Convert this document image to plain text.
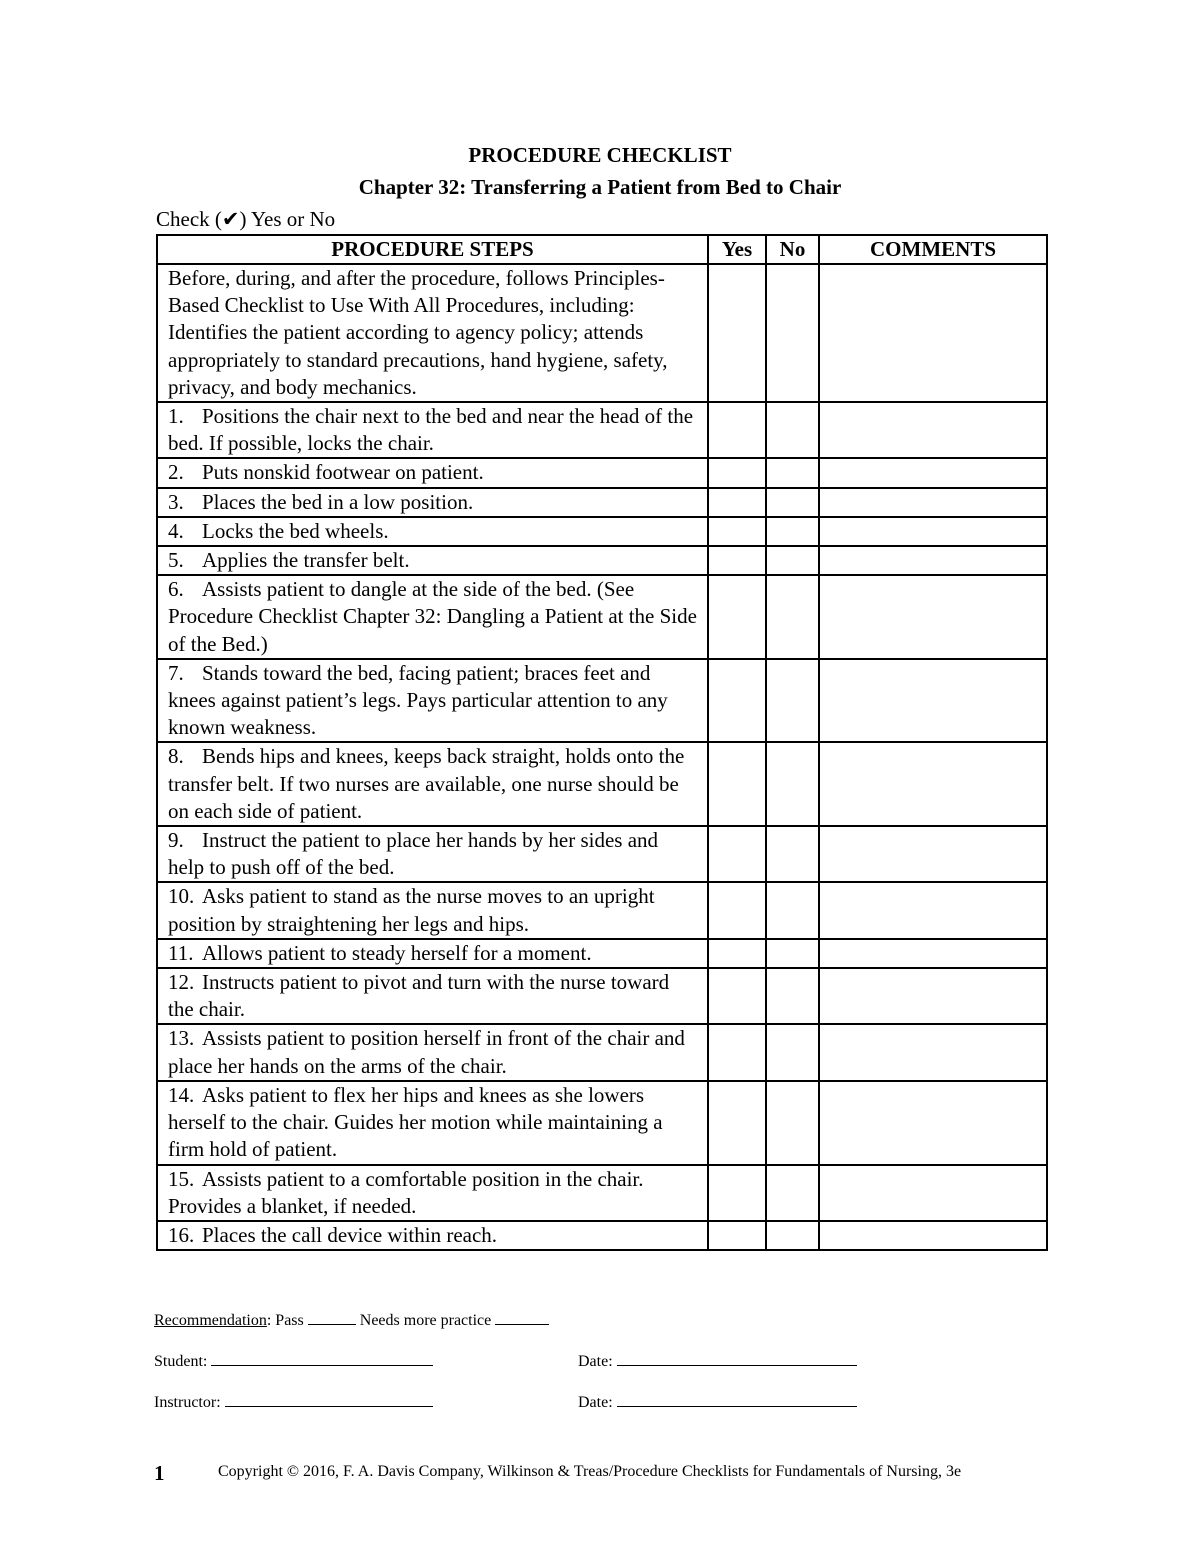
PROCEDURE CHECKLIST
Chapter 32: Transferring a Patient from Bed to Chair
Check (✔) Yes or No
PROCEDURE STEPS	Yes	No	COMMENTS
Before, during, and after the procedure, follows Principles-Based Checklist to Use With All Procedures, including: Identifies the patient according to agency policy; attends appropriately to standard precautions, hand hygiene, safety, privacy, and body mechanics.			
1. Positions the chair next to the bed and near the head of the bed. If possible, locks the chair.			
2. Puts nonskid footwear on patient.			
3. Places the bed in a low position.			
4. Locks the bed wheels.			
5. Applies the transfer belt.			
6. Assists patient to dangle at the side of the bed. (See Procedure Checklist Chapter 32: Dangling a Patient at the Side of the Bed.)			
7. Stands toward the bed, facing patient; braces feet and knees against patient’s legs. Pays particular attention to any known weakness.			
8. Bends hips and knees, keeps back straight, holds onto the transfer belt. If two nurses are available, one nurse should be on each side of patient.			
9. Instruct the patient to place her hands by her sides and help to push off of the bed.			
10. Asks patient to stand as the nurse moves to an upright position by straightening her legs and hips.			
11. Allows patient to steady herself for a moment.			
12. Instructs patient to pivot and turn with the nurse toward the chair.			
13. Assists patient to position herself in front of the chair and place her hands on the arms of the chair.			
14. Asks patient to flex her hips and knees as she lowers herself to the chair. Guides her motion while maintaining a firm hold of patient.			
15. Assists patient to a comfortable position in the chair. Provides a blanket, if needed.			
16. Places the call device within reach.			
Recommendation: Pass	Needs more practice
Student:	Date:
Instructor:	Date:
1	Copyright © 2016, F. A. Davis Company, Wilkinson & Treas/Procedure Checklists for Fundamentals of Nursing, 3e
